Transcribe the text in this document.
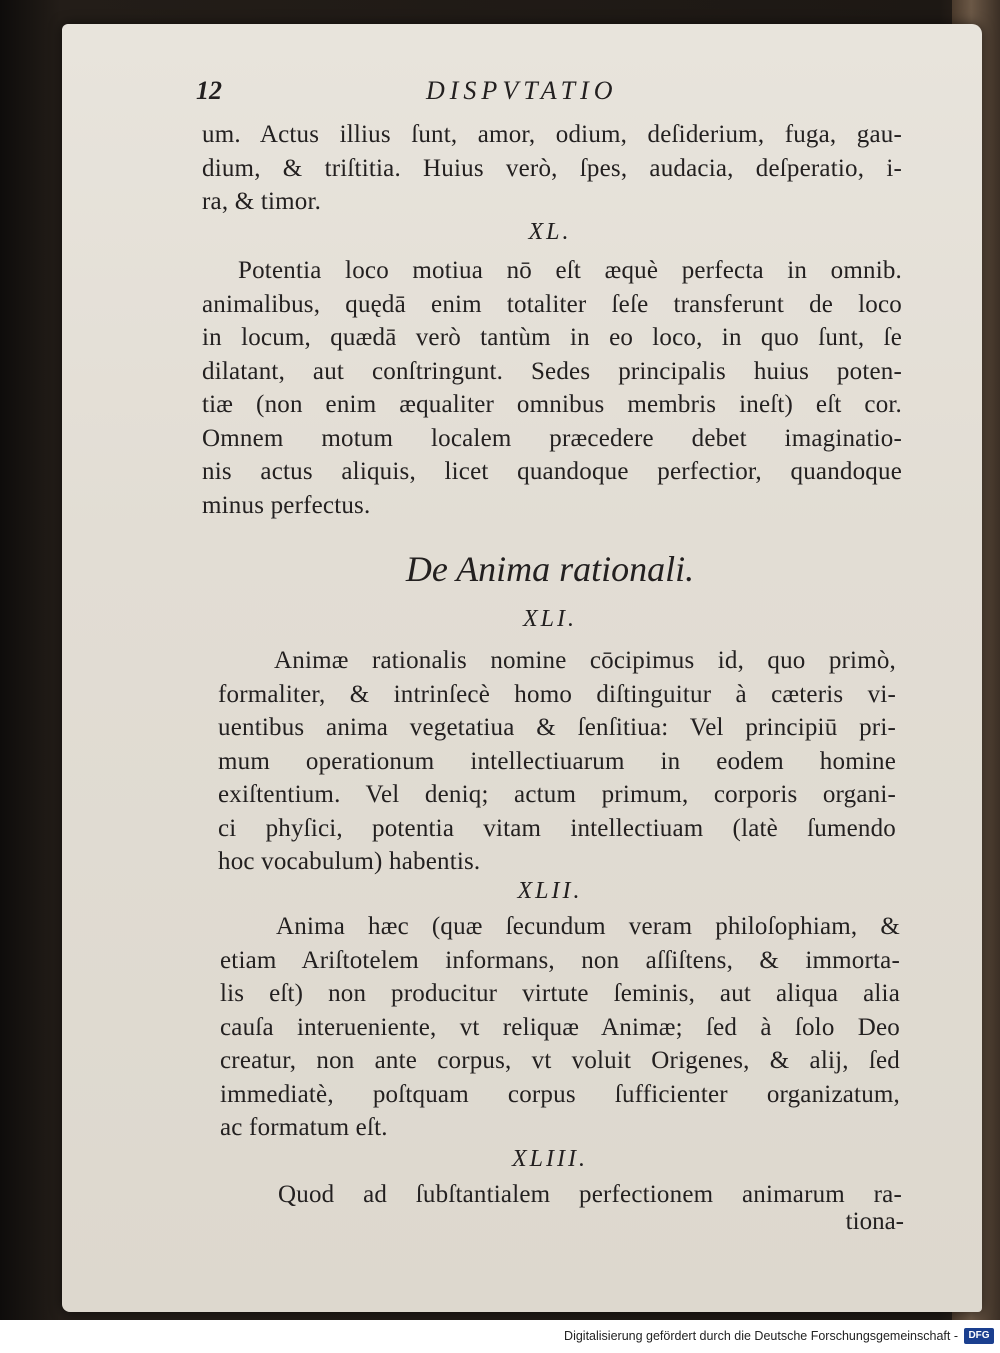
12	DISPVTATIO
um. Actus illius ſunt, amor, odium, deſiderium, fuga, gau-
dium, & triſtitia. Huius verò, ſpes, audacia, deſperatio, i-
ra, & timor.
XL.
Potentia loco motiua nō eſt æquè perfecta in omnib.
animalibus, quędā enim totaliter ſeſe transferunt de loco
in locum, quædā verò tantùm in eo loco, in quo ſunt, ſe
dilatant, aut conſtringunt. Sedes principalis huius poten-
tiæ (non enim æqualiter omnibus membris ineſt) eſt cor.
Omnem motum localem præcedere debet imaginatio-
nis actus aliquis, licet quandoque perfectior, quandoque
minus perfectus.
De Anima rationali.
XLI.
Animæ rationalis nomine cōcipimus id, quo primò,
formaliter, & intrinſecè homo diſtinguitur à cæteris vi-
uentibus anima vegetatiua & ſenſitiua: Vel principiū pri-
mum operationum intellectiuarum in eodem homine
exiſtentium. Vel deniq; actum primum, corporis organi-
ci phyſici, potentia vitam intellectiuam (latè ſumendo
hoc vocabulum) habentis.
XLII.
Anima hæc (quæ ſecundum veram philoſophiam, &
etiam Ariſtotelem informans, non aſſiſtens, & immorta-
lis eſt) non producitur virtute ſeminis, aut aliqua alia
cauſa interueniente, vt reliquæ Animæ; ſed à ſolo Deo
creatur, non ante corpus, vt voluit Origenes, & alij, ſed
immediatè, poſtquam corpus ſufficienter organizatum,
ac formatum eſt.
XLIII.
Quod ad ſubſtantialem perfectionem animarum ra-
tiona-
Digitalisierung gefördert durch die Deutsche Forschungsgemeinschaft -	DFG
